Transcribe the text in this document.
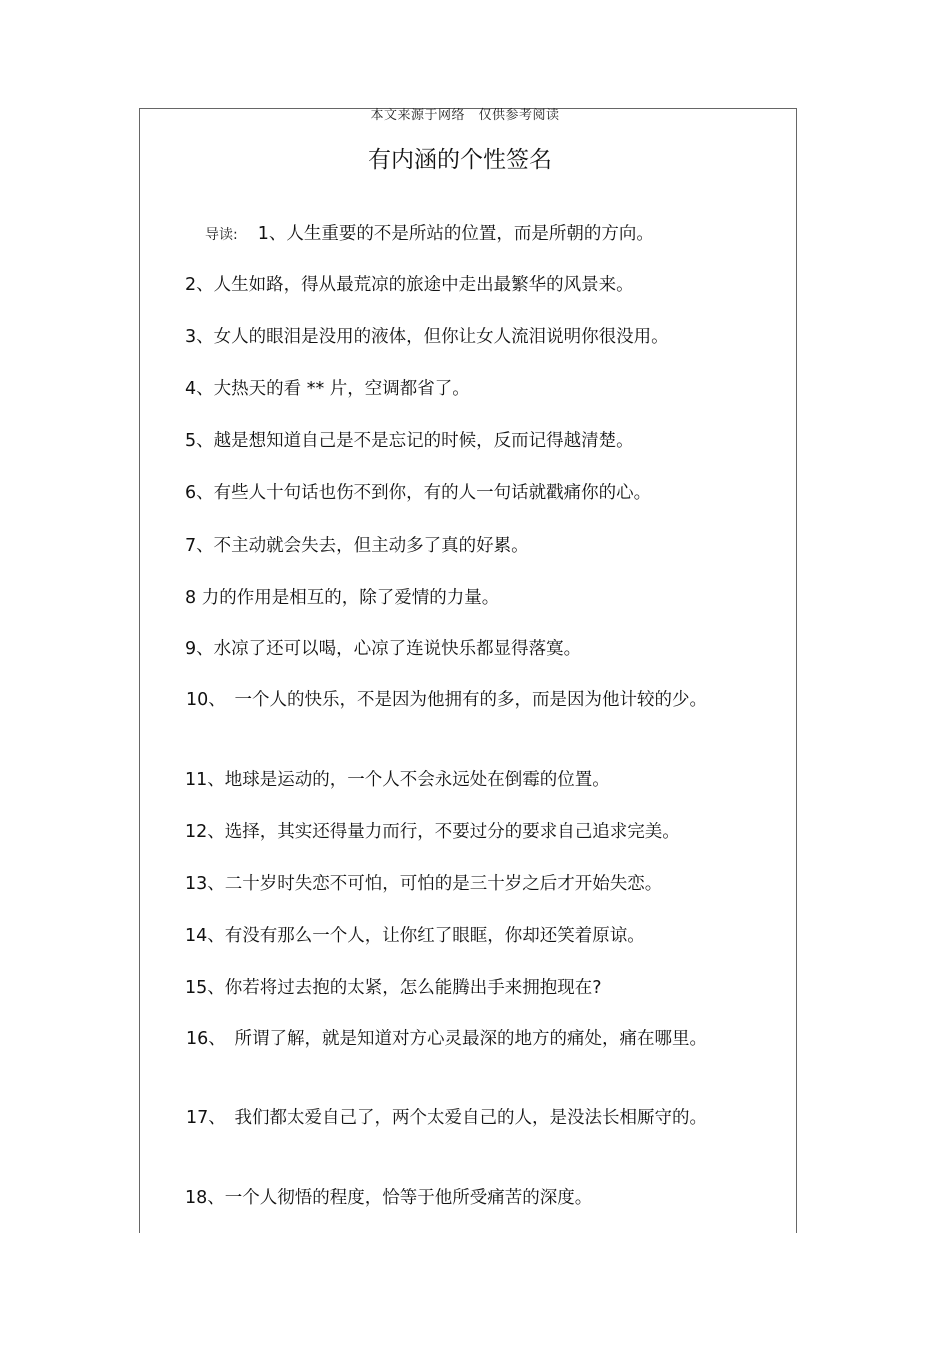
本文来源于网络　仅供参考阅读
有内涵的个性签名
导读: 1、人生重要的不是所站的位置，而是所朝的方向。
2、人生如路，得从最荒凉的旅途中走出最繁华的风景来。
3、女人的眼泪是没用的液体，但你让女人流泪说明你很没用。
4、大热天的看 ** 片，空调都省了。
5、越是想知道自己是不是忘记的时候，反而记得越清楚。
6、有些人十句话也伤不到你，有的人一句话就戳痛你的心。
7、不主动就会失去，但主动多了真的好累。
8 力的作用是相互的，除了爱情的力量。
9、水凉了还可以喝，心凉了连说快乐都显得落寞。
10、　一个人的快乐，不是因为他拥有的多，而是因为他计较的少。
11、地球是运动的，一个人不会永远处在倒霉的位置。
12、选择，其实还得量力而行，不要过分的要求自己追求完美。
13、二十岁时失恋不可怕，可怕的是三十岁之后才开始失恋。
14、有没有那么一个人，让你红了眼眶，你却还笑着原谅。
15、你若将过去抱的太紧，怎么能腾出手来拥抱现在?
16、　所谓了解，就是知道对方心灵最深的地方的痛处，痛在哪里。
17、　我们都太爱自己了，两个太爱自己的人，是没法长相厮守的。
18、一个人彻悟的程度，恰等于他所受痛苦的深度。
